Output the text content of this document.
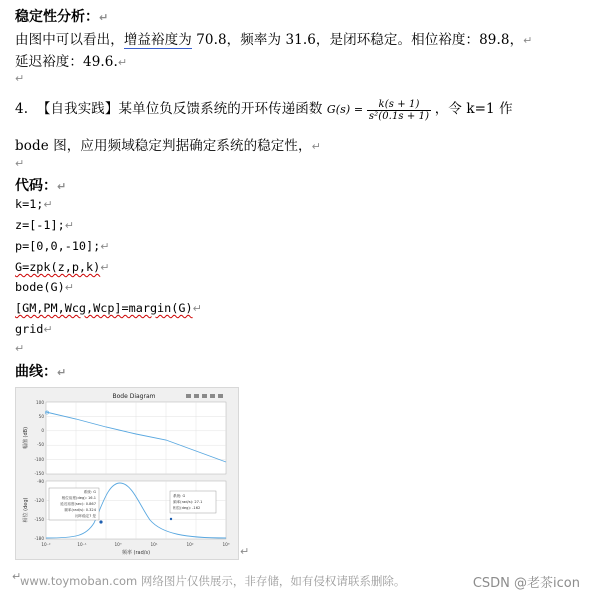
稳定性分析：↵
由图中可以看出，增益裕度为 70.8，频率为 31.6，是闭环稳定。相位裕度：89.8，↵
延迟裕度：49.6.↵
↵
4. 【自我实践】某单位负反馈系统的开环传递函数 $G(s) = \frac{k(s + 1)}{\text{s²(0.1s + 1)}}$ ，令 k=1 作
bode 图，应用频域稳定判据确定系统的稳定性，↵
↵
代码：↵
k=1;↵
z=[-1];↵
p=[0,0,-10];↵
G=zpk(z,p,k)↵
bode(G)↵
[GM,PM,Wcg,Wcp]=margin(G)↵
grid↵
↵
曲线：↵
Bode Diagram
100
50
0
-50
-100
-150
幅值 (dB)
-90
-120
-150
-180
相位 (deg)
10⁻²	10⁻¹	10⁰	10¹	10²	10³
频率 (rad/s)
系统: G
相位裕度(deg): 16.1
延迟裕度(sec): 0.867
频率(rad/s): 0.324
闭环稳定? 是
系统: G
频率(rad/s): 27.1
相位(deg): -162
↵
↵
www.toymoban.com 网络图片仅供展示，非存储，如有侵权请联系删除。	CSDN @老茶icon
